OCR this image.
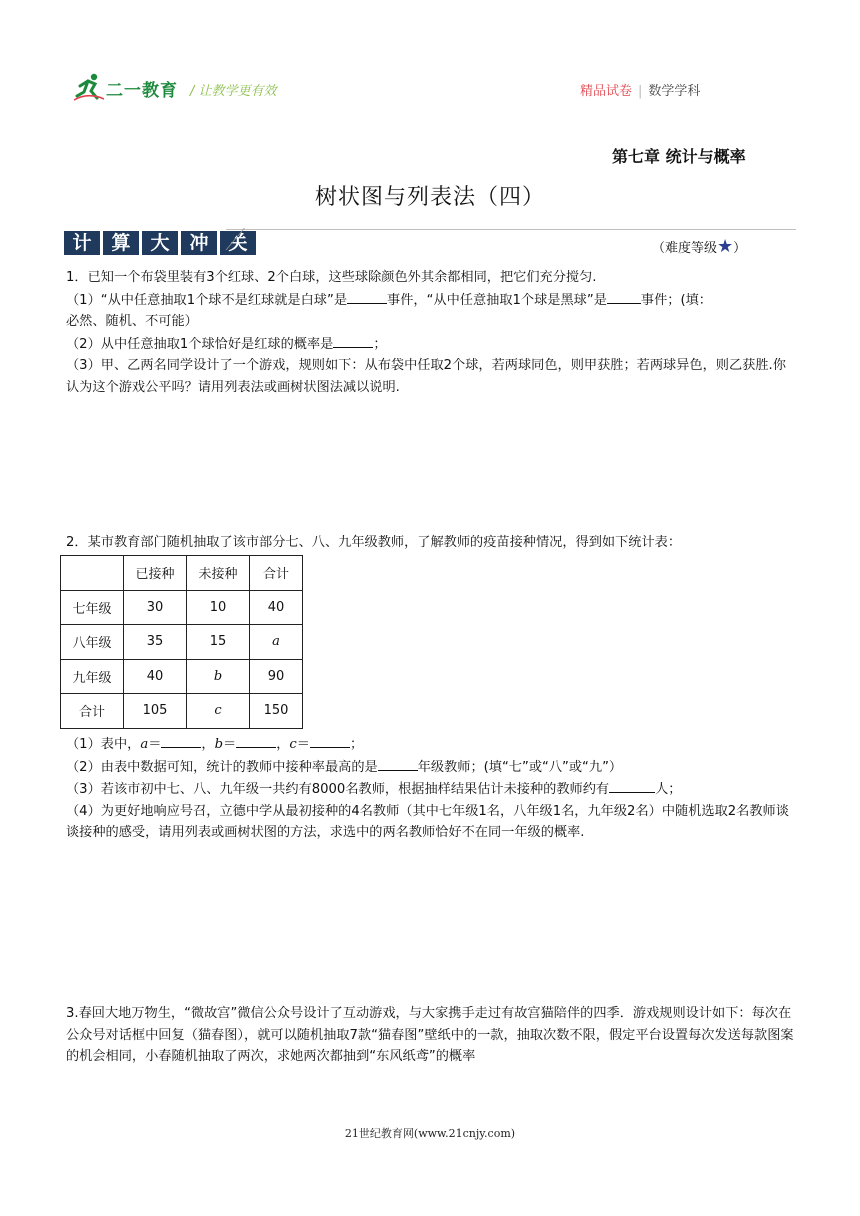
二一教育 / 让教学更有效	精品试卷 | 数学学科
第七章 统计与概率
树状图与列表法（四）
计	算	大	冲	关	（难度等级★）
1．已知一个布袋里装有3个红球、2个白球，这些球除颜色外其余都相同，把它们充分搅匀.
（1）“从中任意抽取1个球不是红球就是白球”是	事件，“从中任意抽取1个球是黑球”是	事件；(填：
必然、随机、不可能）
（2）从中任意抽取1个球恰好是红球的概率是	；
（3）甲、乙两名同学设计了一个游戏，规则如下：从布袋中任取2个球，若两球同色，则甲获胜；若两球异色，则乙获胜.你认为这个游戏公平吗？请用列表法或画树状图法减以说明.
2．某市教育部门随机抽取了该市部分七、八、九年级教师，了解教师的疫苗接种情况，得到如下统计表：
	已接种	未接种	合计
七年级	30	10	40
八年级	35	15	a
九年级	40	b	90
合计	105	c	150
（1）表中，a＝	，b＝	，c＝	；
（2）由表中数据可知，统计的教师中接种率最高的是	年级教师；(填“七”或“八”或“九”）
（3）若该市初中七、八、九年级一共约有8000名教师，根据抽样结果估计未接种的教师约有	人；
（4）为更好地响应号召，立德中学从最初接种的4名教师（其中七年级1名，八年级1名，九年级2名）中随机选取2名教师谈谈接种的感受，请用列表或画树状图的方法，求选中的两名教师恰好不在同一年级的概率.
3.春回大地万物生，“微故宫”微信公众号设计了互动游戏，与大家携手走过有故宫猫陪伴的四季．游戏规则设计如下：每次在公众号对话框中回复（猫春图），就可以随机抽取7款“猫春图”壁纸中的一款，抽取次数不限，假定平台设置每次发送每款图案的机会相同，小春随机抽取了两次，求她两次都抽到“东风纸鸢”的概率
21世纪教育网(www.21cnjy.com)
